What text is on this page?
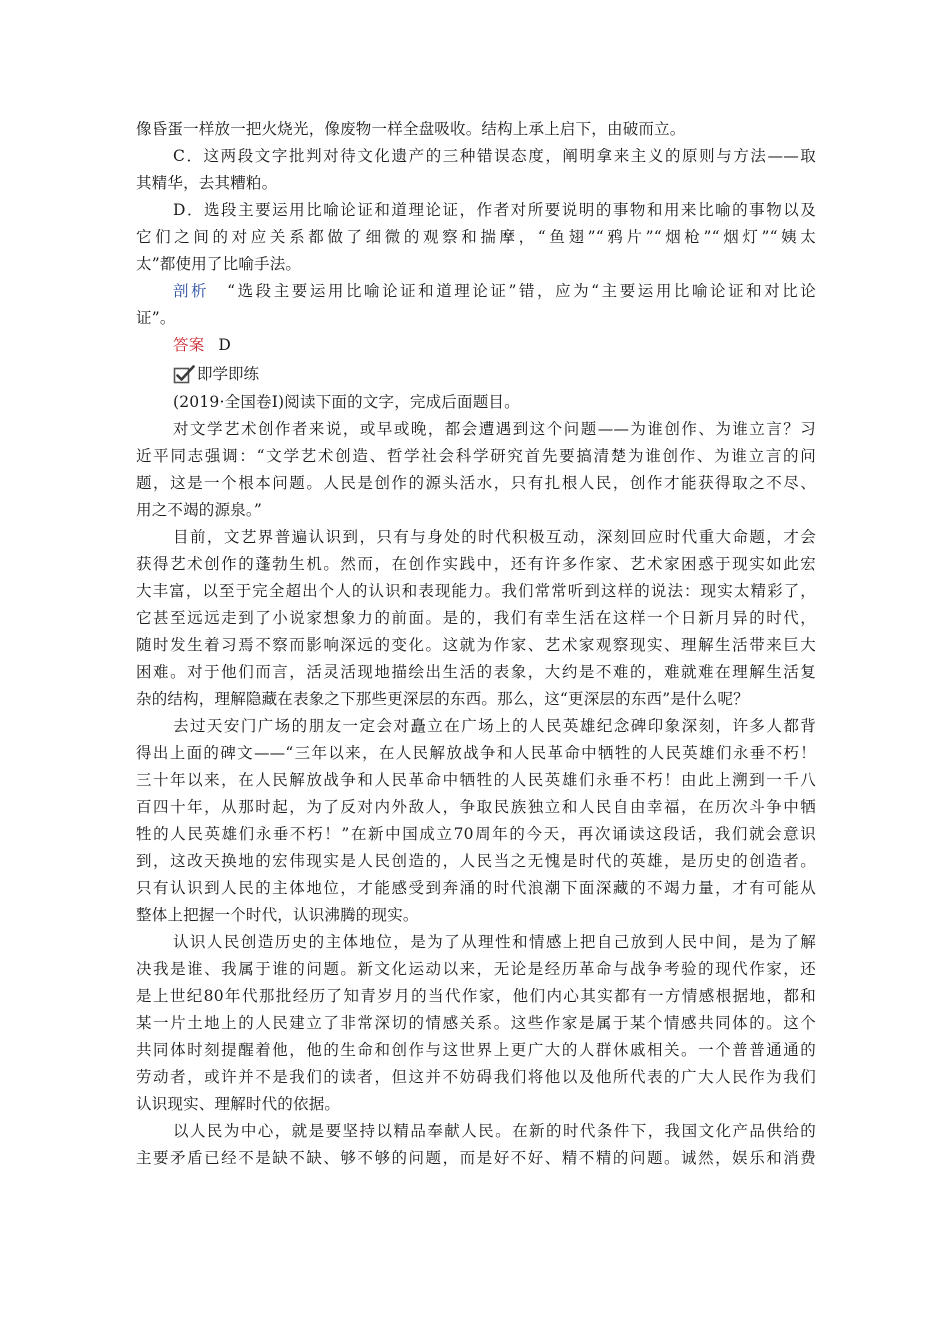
像昏蛋一样放一把火烧光，像废物一样全盘吸收。结构上承上启下，由破而立。
C．这两段文字批判对待文化遗产的三种错误态度，阐明拿来主义的原则与方法——取
其精华，去其糟粕。
D．选段主要运用比喻论证和道理论证，作者对所要说明的事物和用来比喻的事物以及
它们之间的对应关系都做了细微的观察和揣摩，“鱼翅”“鸦片”“烟枪”“烟灯”“姨太
太”都使用了比喻手法。
剖析 “选段主要运用比喻论证和道理论证”错，应为“主要运用比喻论证和对比论
证”。
答案 D
即学即练
(2019·全国卷Ⅰ)阅读下面的文字，完成后面题目。
对文学艺术创作者来说，或早或晚，都会遭遇到这个问题——为谁创作、为谁立言？习
近平同志强调：“文学艺术创造、哲学社会科学研究首先要搞清楚为谁创作、为谁立言的问
题，这是一个根本问题。人民是创作的源头活水，只有扎根人民，创作才能获得取之不尽、
用之不竭的源泉。”
目前，文艺界普遍认识到，只有与身处的时代积极互动，深刻回应时代重大命题，才会
获得艺术创作的蓬勃生机。然而，在创作实践中，还有许多作家、艺术家困惑于现实如此宏
大丰富，以至于完全超出个人的认识和表现能力。我们常常听到这样的说法：现实太精彩了，
它甚至远远走到了小说家想象力的前面。是的，我们有幸生活在这样一个日新月异的时代，
随时发生着习焉不察而影响深远的变化。这就为作家、艺术家观察现实、理解生活带来巨大
困难。对于他们而言，活灵活现地描绘出生活的表象，大约是不难的，难就难在理解生活复
杂的结构，理解隐藏在表象之下那些更深层的东西。那么，这“更深层的东西”是什么呢？
去过天安门广场的朋友一定会对矗立在广场上的人民英雄纪念碑印象深刻，许多人都背
得出上面的碑文——“三年以来，在人民解放战争和人民革命中牺牲的人民英雄们永垂不朽！
三十年以来，在人民解放战争和人民革命中牺牲的人民英雄们永垂不朽！由此上溯到一千八
百四十年，从那时起，为了反对内外敌人，争取民族独立和人民自由幸福，在历次斗争中牺
牲的人民英雄们永垂不朽！”在新中国成立70周年的今天，再次诵读这段话，我们就会意识
到，这改天换地的宏伟现实是人民创造的，人民当之无愧是时代的英雄，是历史的创造者。
只有认识到人民的主体地位，才能感受到奔涌的时代浪潮下面深藏的不竭力量，才有可能从
整体上把握一个时代，认识沸腾的现实。
认识人民创造历史的主体地位，是为了从理性和情感上把自己放到人民中间，是为了解
决我是谁、我属于谁的问题。新文化运动以来，无论是经历革命与战争考验的现代作家，还
是上世纪80年代那批经历了知青岁月的当代作家，他们内心其实都有一方情感根据地，都和
某一片土地上的人民建立了非常深切的情感关系。这些作家是属于某个情感共同体的。这个
共同体时刻提醒着他，他的生命和创作与这世界上更广大的人群休戚相关。一个普普通通的
劳动者，或许并不是我们的读者，但这并不妨碍我们将他以及他所代表的广大人民作为我们
认识现实、理解时代的依据。
以人民为中心，就是要坚持以精品奉献人民。在新的时代条件下，我国文化产品供给的
主要矛盾已经不是缺不缺、够不够的问题，而是好不好、精不精的问题。诚然，娱乐和消费
